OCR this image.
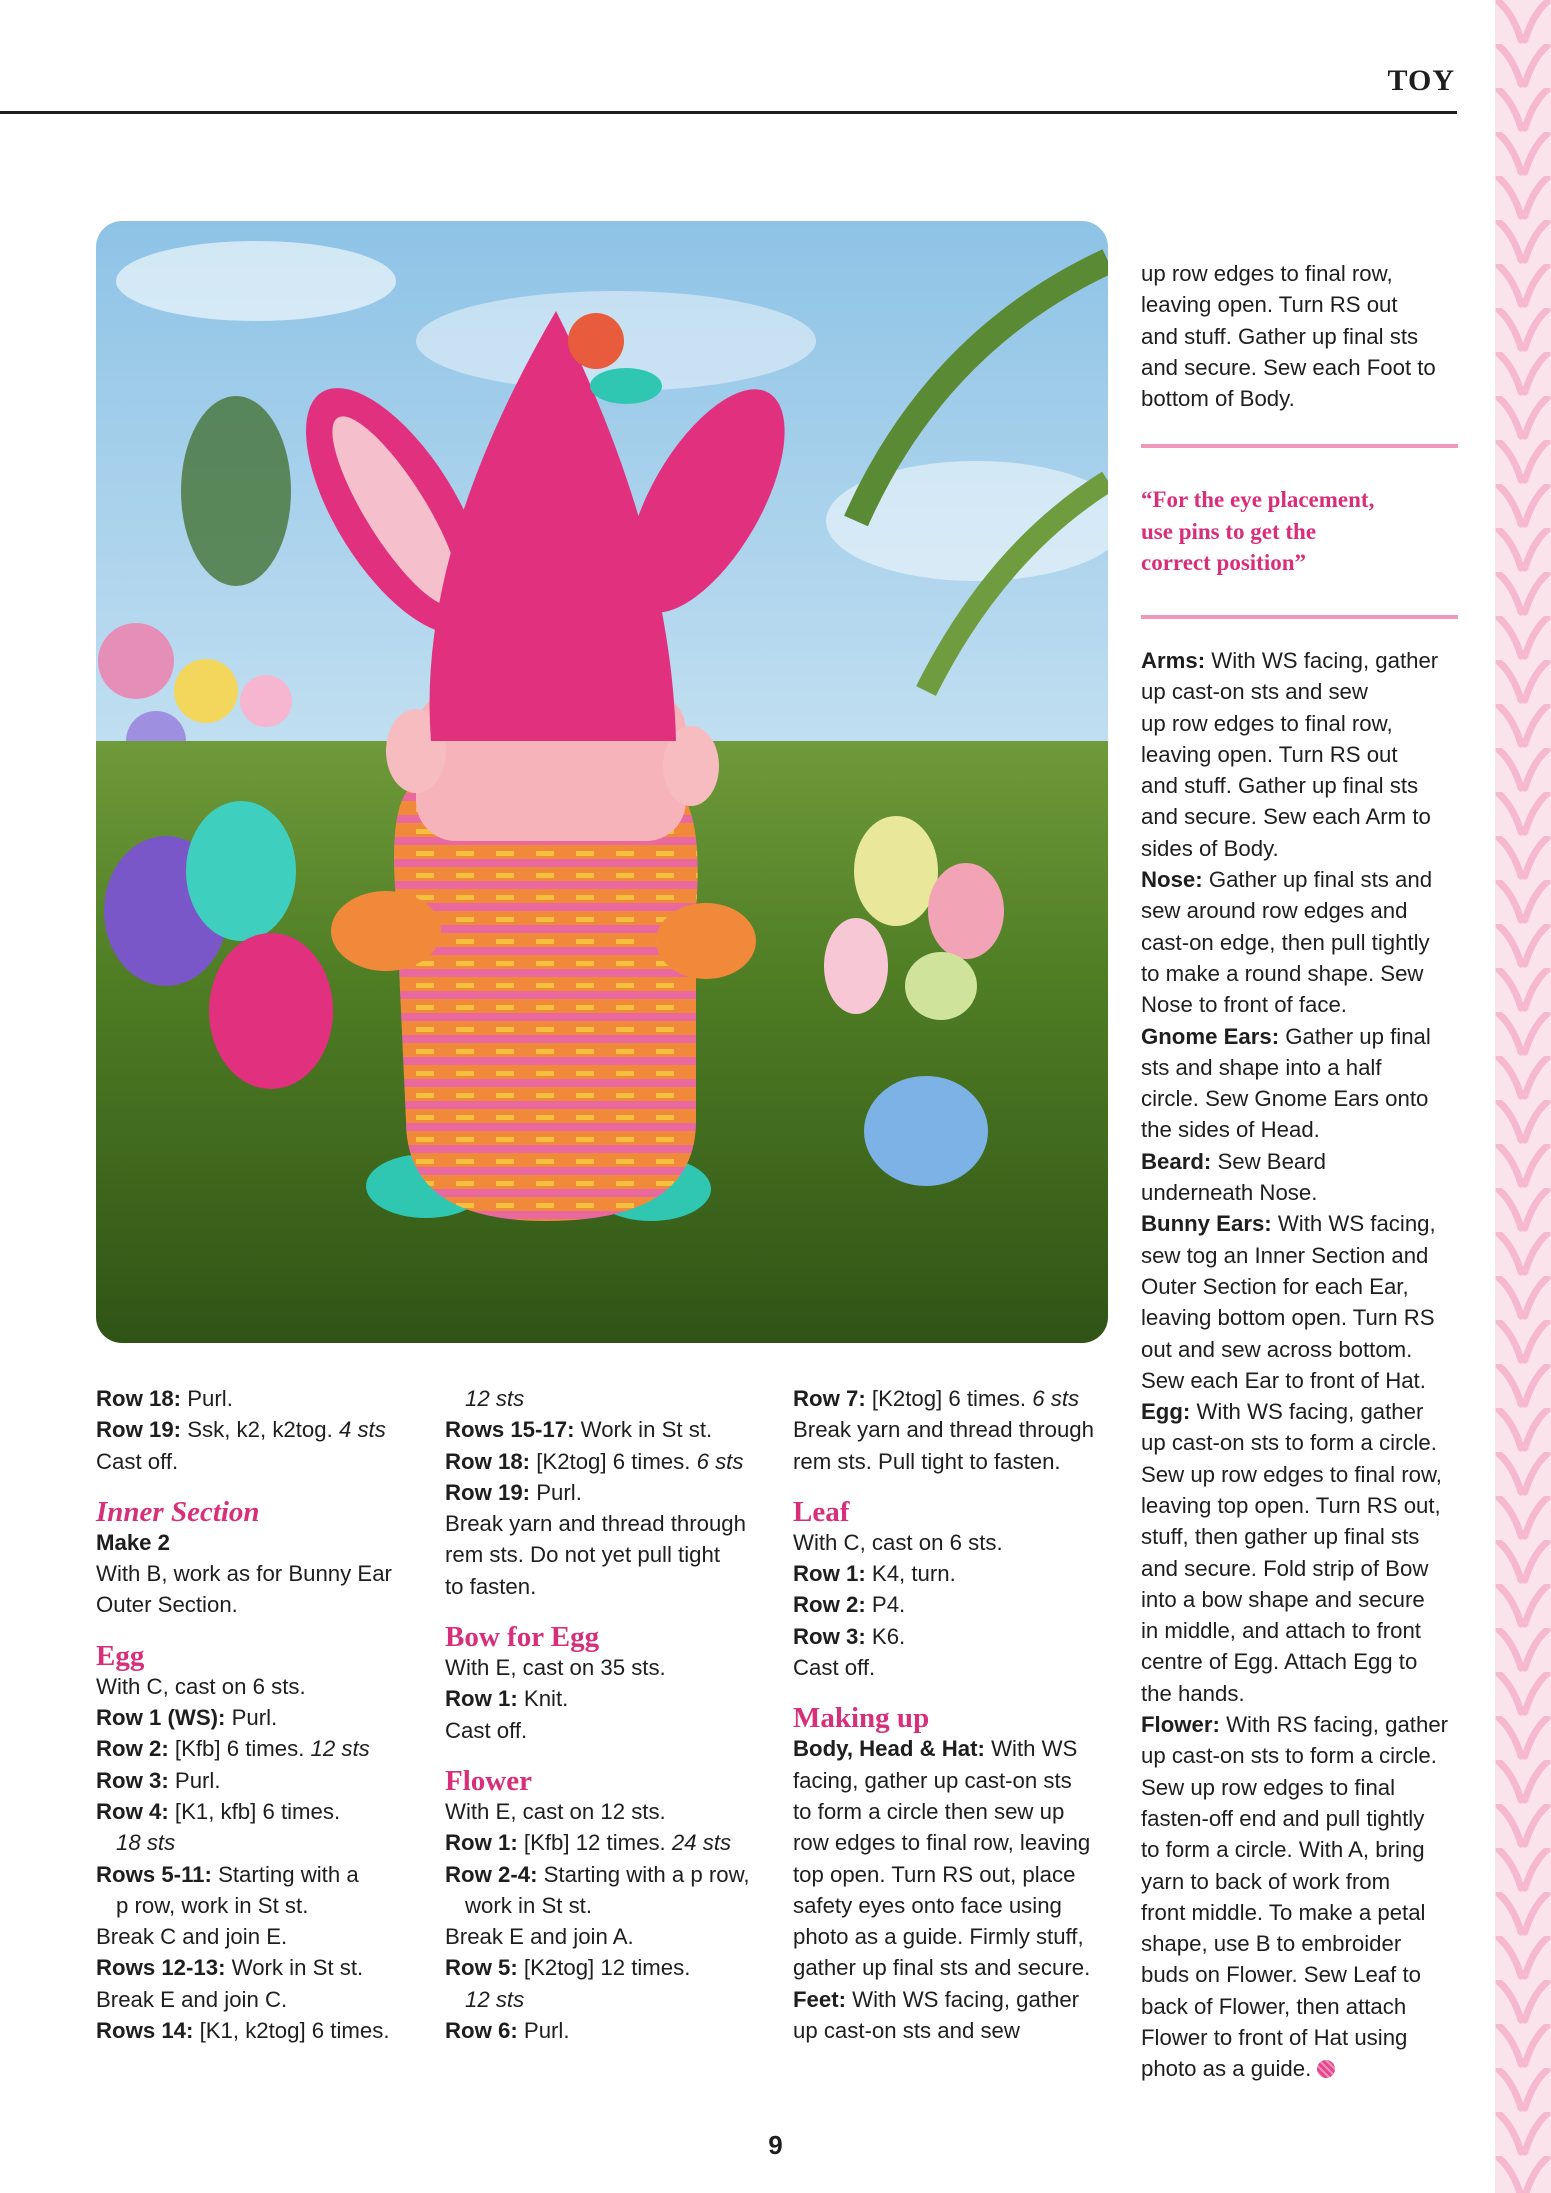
TOY

Row 18: Purl.

Row 19: Ssk, k2, k2tog. 4 sts

Cast off.

Inner Section

Make 2

With B, work as for Bunny Ear

Outer Section.

Egg

With C, cast on 6 sts.

Row 1 (WS): Purl.

Row 2: [Kfb] 6 times. 12 sts

Row 3: Purl.

Row 4: [K1, kfb] 6 times.

18 sts

Rows 5-11: Starting with a

p row, work in St st.

Break C and join E.

Rows 12-13: Work in St st.

Break E and join C.

Rows 14: [K1, k2tog] 6 times.

12 sts

Rows 15-17: Work in St st.

Row 18: [K2tog] 6 times. 6 sts

Row 19: Purl.

Break yarn and thread through

rem sts. Do not yet pull tight

to fasten.

Bow for Egg

With E, cast on 35 sts.

Row 1: Knit.

Cast off.

Flower

With E, cast on 12 sts.

Row 1: [Kfb] 12 times. 24 sts

Row 2-4: Starting with a p row,

work in St st.

Break E and join A.

Row 5: [K2tog] 12 times.

12 sts

Row 6: Purl.

Row 7: [K2tog] 6 times. 6 sts

Break yarn and thread through

rem sts. Pull tight to fasten.

Leaf

With C, cast on 6 sts.

Row 1: K4, turn.

Row 2: P4.

Row 3: K6.

Cast off.

Making up

Body, Head & Hat: With WS

facing, gather up cast-on sts

to form a circle then sew up

row edges to final row, leaving

top open. Turn RS out, place

safety eyes onto face using

photo as a guide. Firmly stuff,

gather up final sts and secure.

Feet: With WS facing, gather

up cast-on sts and sew

up row edges to final row,

leaving open. Turn RS out

and stuff. Gather up final sts

and secure. Sew each Foot to

bottom of Body.

“For the eye placement,

use pins to get the

correct position”

Arms: With WS facing, gather

up cast-on sts and sew

up row edges to final row,

leaving open. Turn RS out

and stuff. Gather up final sts

and secure. Sew each Arm to

sides of Body.

Nose: Gather up final sts and

sew around row edges and

cast-on edge, then pull tightly

to make a round shape. Sew

Nose to front of face.

Gnome Ears: Gather up final

sts and shape into a half

circle. Sew Gnome Ears onto

the sides of Head.

Beard: Sew Beard

underneath Nose.

Bunny Ears: With WS facing,

sew tog an Inner Section and

Outer Section for each Ear,

leaving bottom open. Turn RS

out and sew across bottom.

Sew each Ear to front of Hat.

Egg: With WS facing, gather

up cast-on sts to form a circle.

Sew up row edges to final row,

leaving top open. Turn RS out,

stuff, then gather up final sts

and secure. Fold strip of Bow

into a bow shape and secure

in middle, and attach to front

centre of Egg. Attach Egg to

the hands.

Flower: With RS facing, gather

up cast-on sts to form a circle.

Sew up row edges to final

fasten-off end and pull tightly

to form a circle. With A, bring

yarn to back of work from

front middle. To make a petal

shape, use B to embroider

buds on Flower. Sew Leaf to

back of Flower, then attach

Flower to front of Hat using

photo as a guide.

9
